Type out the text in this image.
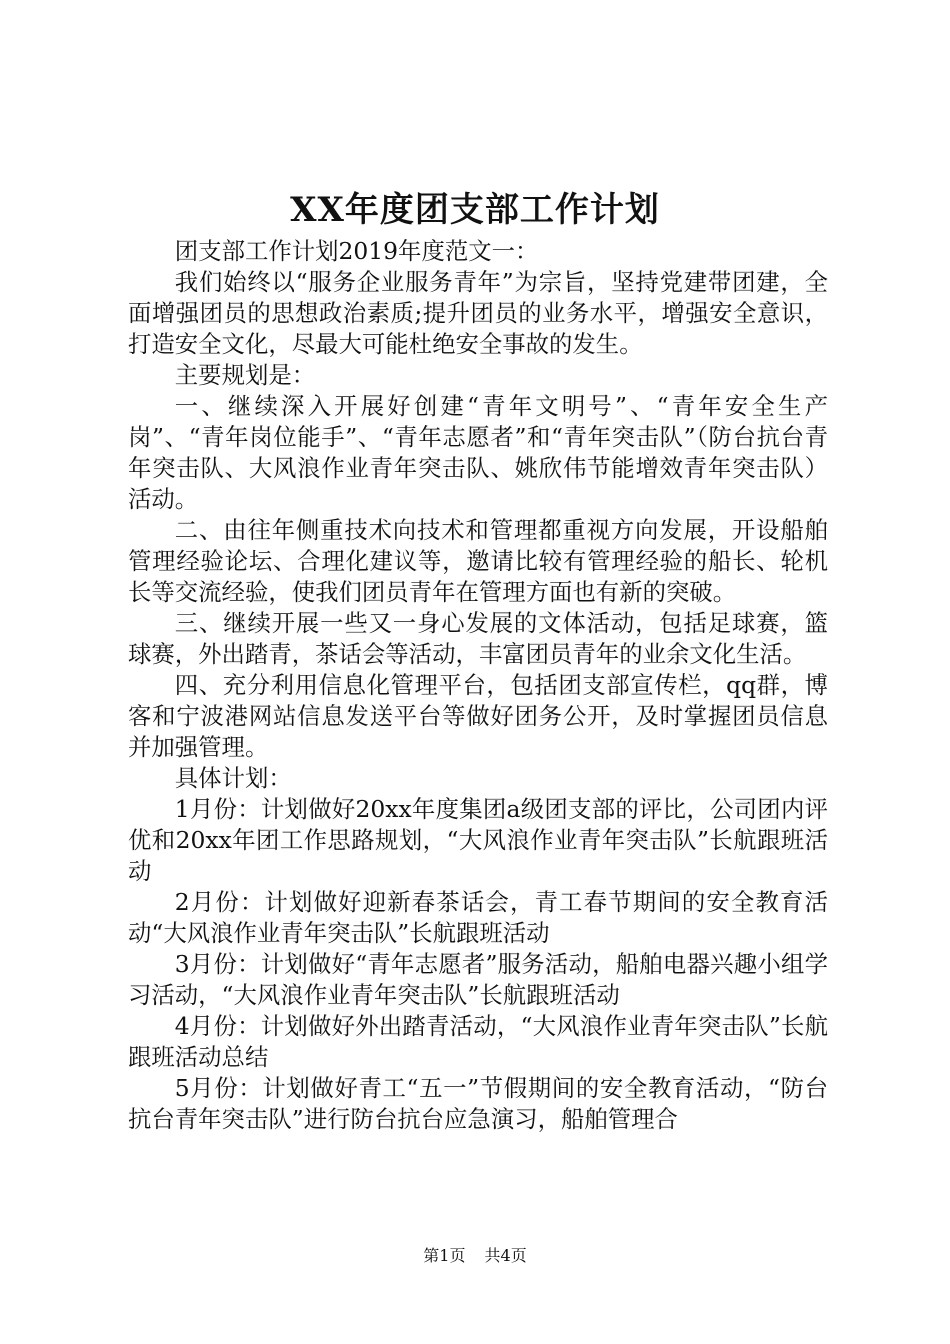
XX年度团支部工作计划

团支部工作计划2019年度范文一：

我们始终以“服务企业服务青年”为宗旨，坚持党建带团建，全面增强团员的思想政治素质;提升团员的业务水平，增强安全意识，打造安全文化，尽最大可能杜绝安全事故的发生。

主要规划是：

一、继续深入开展好创建“青年文明号”、“青年安全生产岗”、“青年岗位能手”、“青年志愿者”和“青年突击队”（防台抗台青年突击队、大风浪作业青年突击队、姚欣伟节能增效青年突击队）活动。

二、由往年侧重技术向技术和管理都重视方向发展，开设船舶管理经验论坛、合理化建议等，邀请比较有管理经验的船长、轮机长等交流经验，使我们团员青年在管理方面也有新的突破。

三、继续开展一些又一身心发展的文体活动，包括足球赛，篮球赛，外出踏青，茶话会等活动，丰富团员青年的业余文化生活。

四、充分利用信息化管理平台，包括团支部宣传栏，qq群，博客和宁波港网站信息发送平台等做好团务公开，及时掌握团员信息并加强管理。

具体计划：

1月份：计划做好20xx年度集团a级团支部的评比，公司团内评优和20xx年团工作思路规划，“大风浪作业青年突击队”长航跟班活动

2月份：计划做好迎新春茶话会，青工春节期间的安全教育活动“大风浪作业青年突击队”长航跟班活动

3月份：计划做好“青年志愿者”服务活动，船舶电器兴趣小组学习活动，“大风浪作业青年突击队”长航跟班活动

4月份：计划做好外出踏青活动，“大风浪作业青年突击队”长航跟班活动总结

5月份：计划做好青工“五一”节假期间的安全教育活动，“防台抗台青年突击队”进行防台抗台应急演习，船舶管理合

第1页 共4页
